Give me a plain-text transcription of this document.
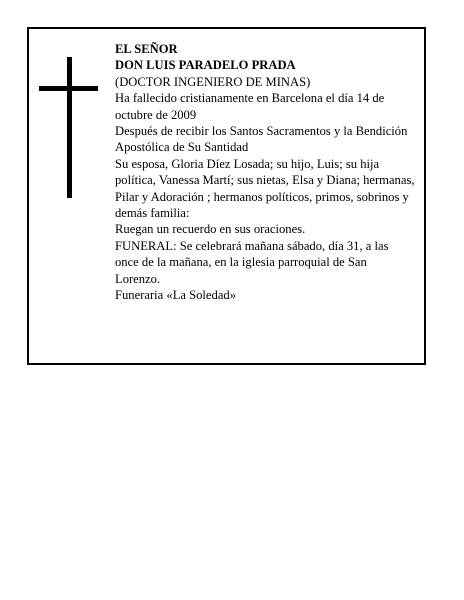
EL SEÑOR

DON LUIS PARADELO PRADA

(DOCTOR INGENIERO DE MINAS)

Ha fallecido cristianamente en Barcelona el día 14 de octubre de 2009

Después de recibir los Santos Sacramentos y la Bendición Apostólica de Su Santidad

Su esposa, Gloria Díez Losada; su hijo, Luis; su hija política, Vanessa Martí; sus nietas, Elsa y Diana; hermanas, Pilar y Adoración ; hermanos políticos, primos, sobrinos y demás familia:

Ruegan un recuerdo en sus oraciones.

FUNERAL: Se celebrará mañana sábado, día 31, a las once de la mañana, en la iglesia parroquial de San Lorenzo.

Funeraria «La Soledad»
